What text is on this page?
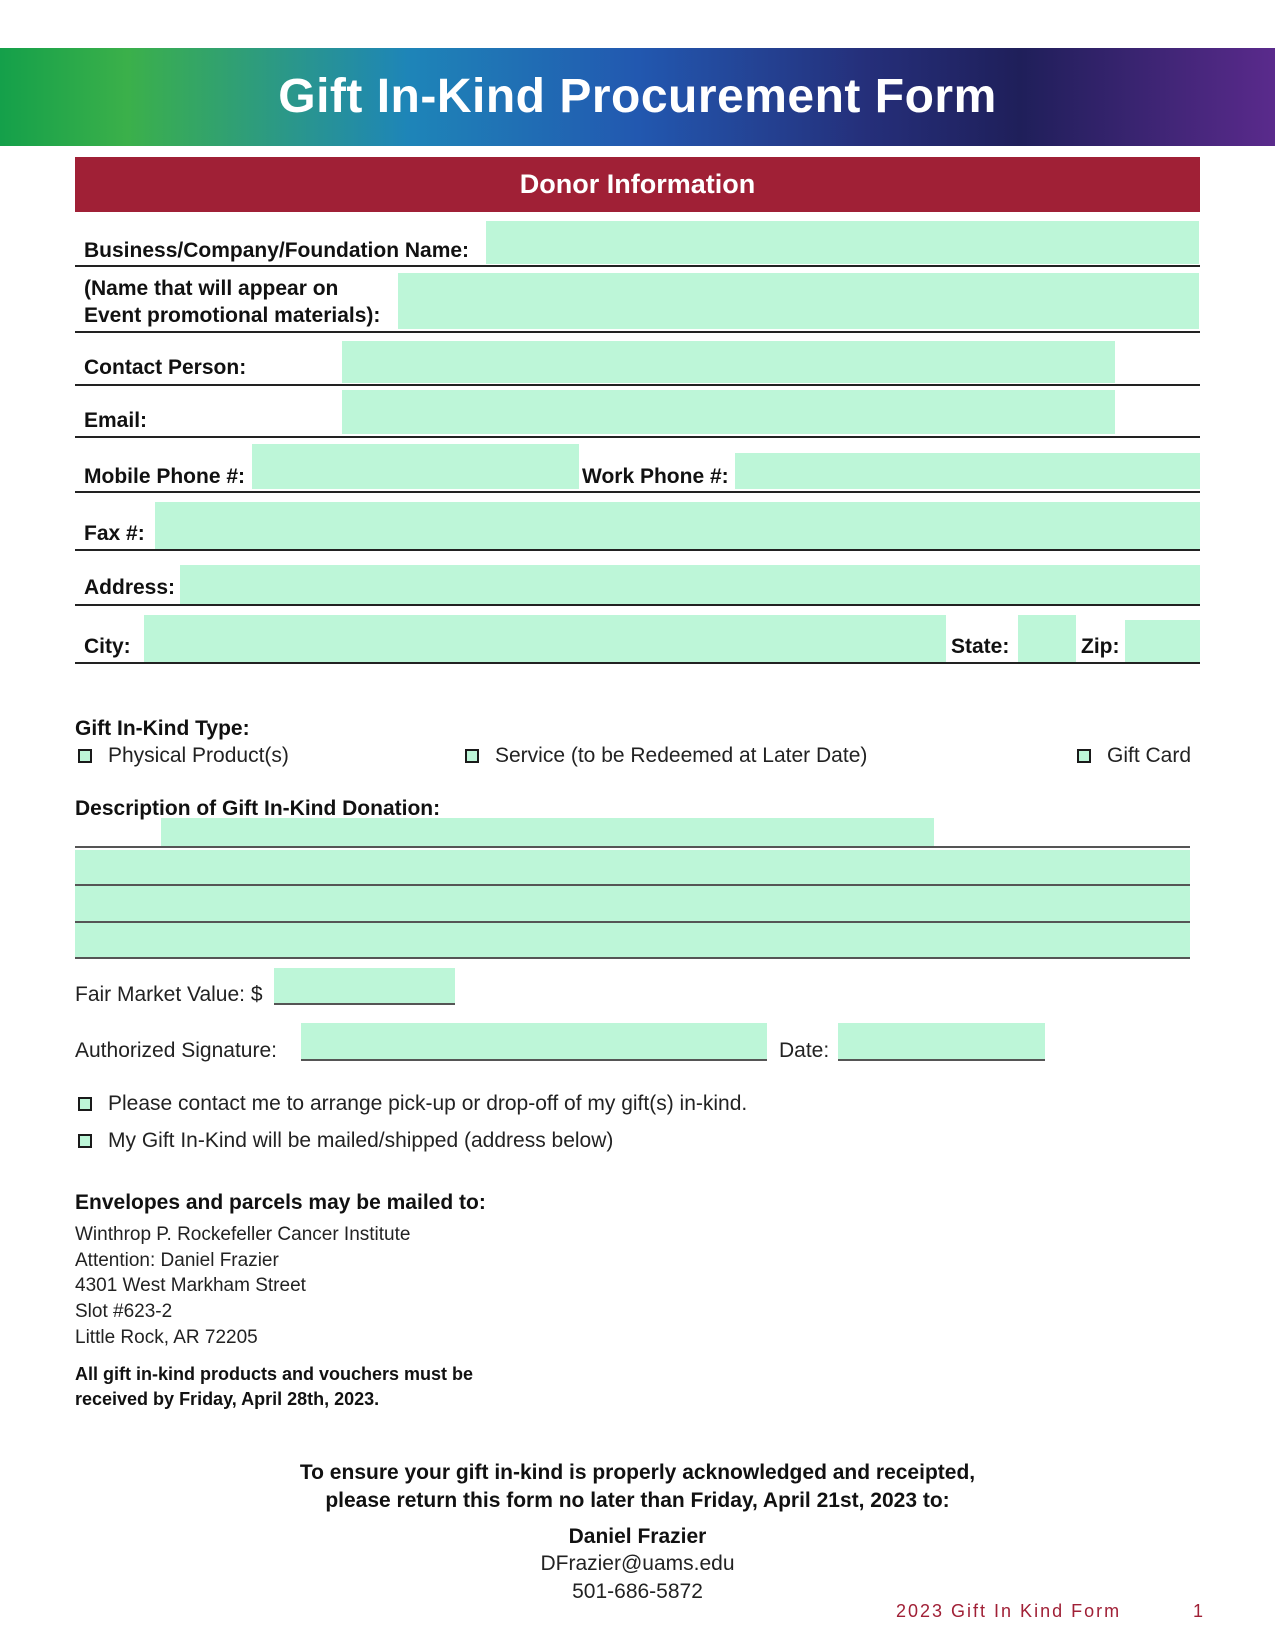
Gift In-Kind Procurement Form
Donor Information
Business/Company/Foundation Name:
(Name that will appear on
Event promotional materials):
Contact Person:
Email:
Mobile Phone #:	Work Phone #:
Fax #:
Address:
City:	State:	Zip:
Gift In-Kind Type:
Physical Product(s)	Service (to be Redeemed at Later Date)	Gift Card
Description of Gift In-Kind Donation:
Fair Market Value: $
Authorized Signature:	Date:
Please contact me to arrange pick-up or drop-off of my gift(s) in-kind.
My Gift In-Kind will be mailed/shipped (address below)
Envelopes and parcels may be mailed to:
Winthrop P. Rockefeller Cancer Institute
Attention: Daniel Frazier
4301 West Markham Street
Slot #623-2
Little Rock, AR 72205
All gift in-kind products and vouchers must be
received by Friday, April 28th, 2023.
To ensure your gift in-kind is properly acknowledged and receipted,
please return this form no later than Friday, April 21st, 2023 to:
Daniel Frazier
DFrazier@uams.edu
501-686-5872
2023 Gift In Kind Form	1
